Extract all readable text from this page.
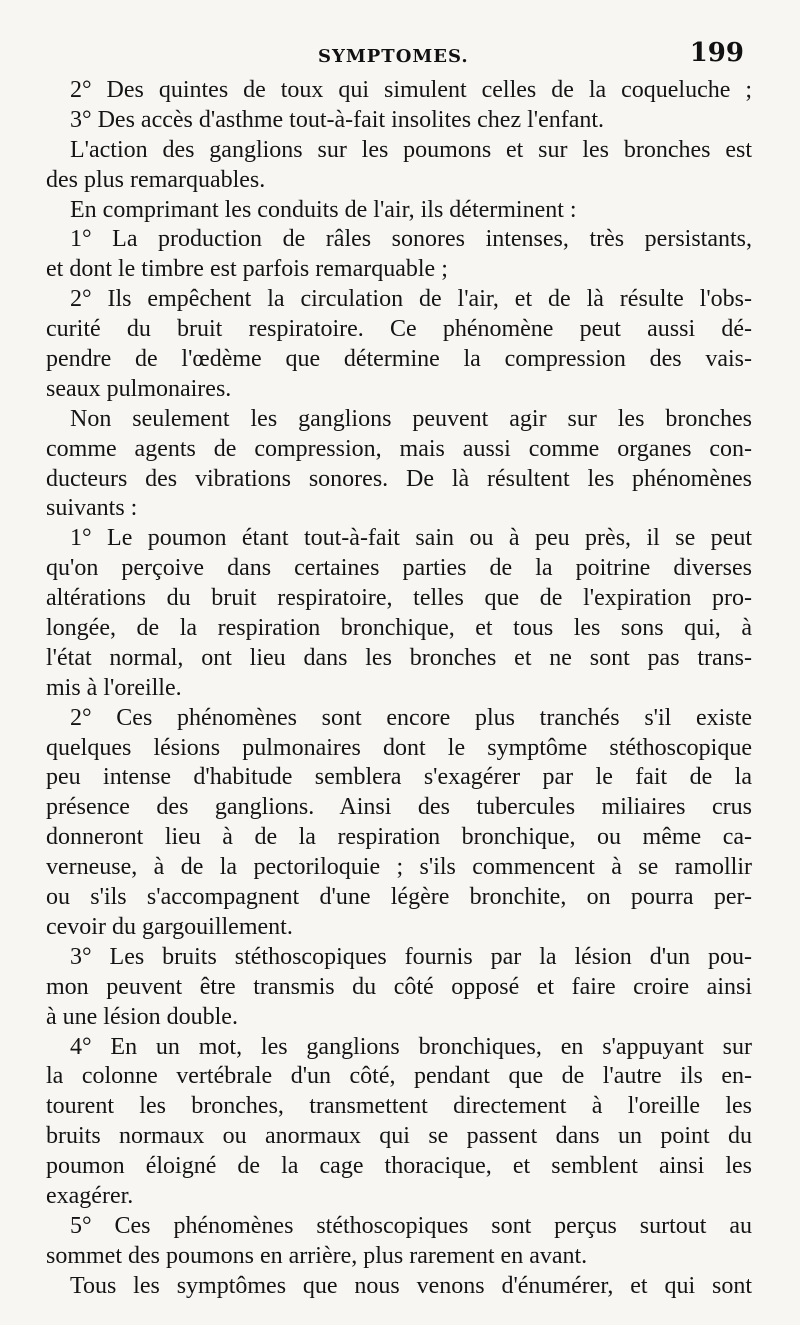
SYMPTOMES.	199
2° Des quintes de toux qui simulent celles de la coqueluche ;
3° Des accès d'asthme tout-à-fait insolites chez l'enfant.
L'action des ganglions sur les poumons et sur les bronches est
des plus remarquables.
En comprimant les conduits de l'air, ils déterminent :
1° La production de râles sonores intenses, très persistants,
et dont le timbre est parfois remarquable ;
2° Ils empêchent la circulation de l'air, et de là résulte l'obs-
curité du bruit respiratoire. Ce phénomène peut aussi dé-
pendre de l'œdème que détermine la compression des vais-
seaux pulmonaires.
Non seulement les ganglions peuvent agir sur les bronches
comme agents de compression, mais aussi comme organes con-
ducteurs des vibrations sonores. De là résultent les phénomènes
suivants :
1° Le poumon étant tout-à-fait sain ou à peu près, il se peut
qu'on perçoive dans certaines parties de la poitrine diverses
altérations du bruit respiratoire, telles que de l'expiration pro-
longée, de la respiration bronchique, et tous les sons qui, à
l'état normal, ont lieu dans les bronches et ne sont pas trans-
mis à l'oreille.
2° Ces phénomènes sont encore plus tranchés s'il existe
quelques lésions pulmonaires dont le symptôme stéthoscopique
peu intense d'habitude semblera s'exagérer par le fait de la
présence des ganglions. Ainsi des tubercules miliaires crus
donneront lieu à de la respiration bronchique, ou même ca-
verneuse, à de la pectoriloquie ; s'ils commencent à se ramollir
ou s'ils s'accompagnent d'une légère bronchite, on pourra per-
cevoir du gargouillement.
3° Les bruits stéthoscopiques fournis par la lésion d'un pou-
mon peuvent être transmis du côté opposé et faire croire ainsi
à une lésion double.
4° En un mot, les ganglions bronchiques, en s'appuyant sur
la colonne vertébrale d'un côté, pendant que de l'autre ils en-
tourent les bronches, transmettent directement à l'oreille les
bruits normaux ou anormaux qui se passent dans un point du
poumon éloigné de la cage thoracique, et semblent ainsi les
exagérer.
5° Ces phénomènes stéthoscopiques sont perçus surtout au
sommet des poumons en arrière, plus rarement en avant.
Tous les symptômes que nous venons d'énumérer, et qui sont
